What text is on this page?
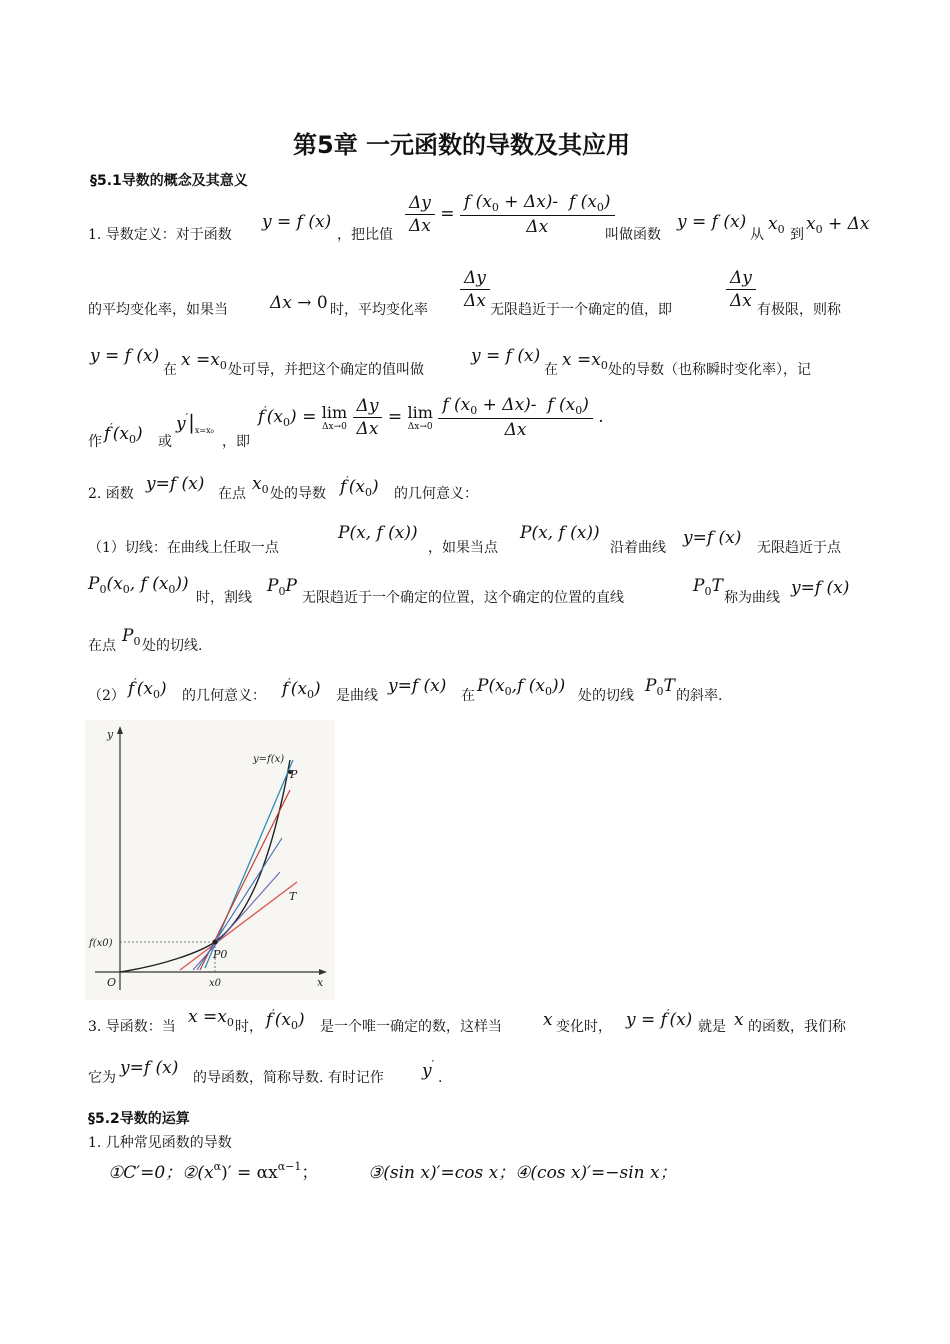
第5章 一元函数的导数及其应用
§5.1导数的概念及其意义
1. 导数定义：对于函数
y = f (x)
，把比值 $\frac{\Delta y}{\Delta x} = \frac{f (x_0 + \Delta x)- f (x_0)}{\Delta x}$
叫做函数
y = f (x)
从
$x_0$ 到
$x_0 + \Delta x$
的平均变化率，如果当 Δx → 0 时，平均变化率 $\frac{\Delta y}{\Delta x}$ 无限趋近于一个确定的值，即	$\frac{\Delta y}{\Delta x}$ 有极限，则称
y = f (x)
在 $x =x_0$ 处可导，并把这个确定的值叫做
y = f (x)
在 $x =x_0$ 处的导数（也称瞬时变化率），记
作 $f'(x_0)$ 或
$y'|_{x=x_0}$
，即
$f'(x_0) = \lim$
Δx→0
$\frac{\Delta y}{\Delta x} = \lim$
Δx→0
$\frac{f (x_0 + \Delta x)- f (x_0)}{\Delta x}$ .
2. 函数 y=f (x) 在点 $x_0$ 处的导数 $f'(x_0)$ 的几何意义：
（1）切线：在曲线上任取一点
P(x, f (x))
，如果当点
P(x, f (x))
沿着曲线 y=f (x) 无限趋近于点
$P_0(x_0$, f $(x_0)$)
时，割线
$P_0P$
无限趋近于一个确定的位置，这个确定的位置的直线
$P_0T$
称为曲线 y=f (x)
在点 $P_0$ 处的切线.
（2） $f'(x_0)$ 的几何意义： $f'(x_0)$ 是曲线 y=f (x) 在 $P(x_0,f$ $(x_0)$) 处的切线 $P_0T$ 的斜率.
y
x
O
y=f(x)
P
T
P0
f(x0)
x0
3. 导函数：当 $x =x_0$ 时， $f'(x_0)$ 是一个唯一确定的数，这样当 x 变化时， y = f′(x) 就是 x 的函数，我们称
它为 y=f (x) 的导函数，简称导数. 有时记作 y′
.
§5.2导数的运算
1. 几种常见函数的导数
①C′=0；$②(x^\alpha)' = \alpha x^{\alpha-1}$；	③(sin x)′=cos x；④(cos x)′=−sin x；
